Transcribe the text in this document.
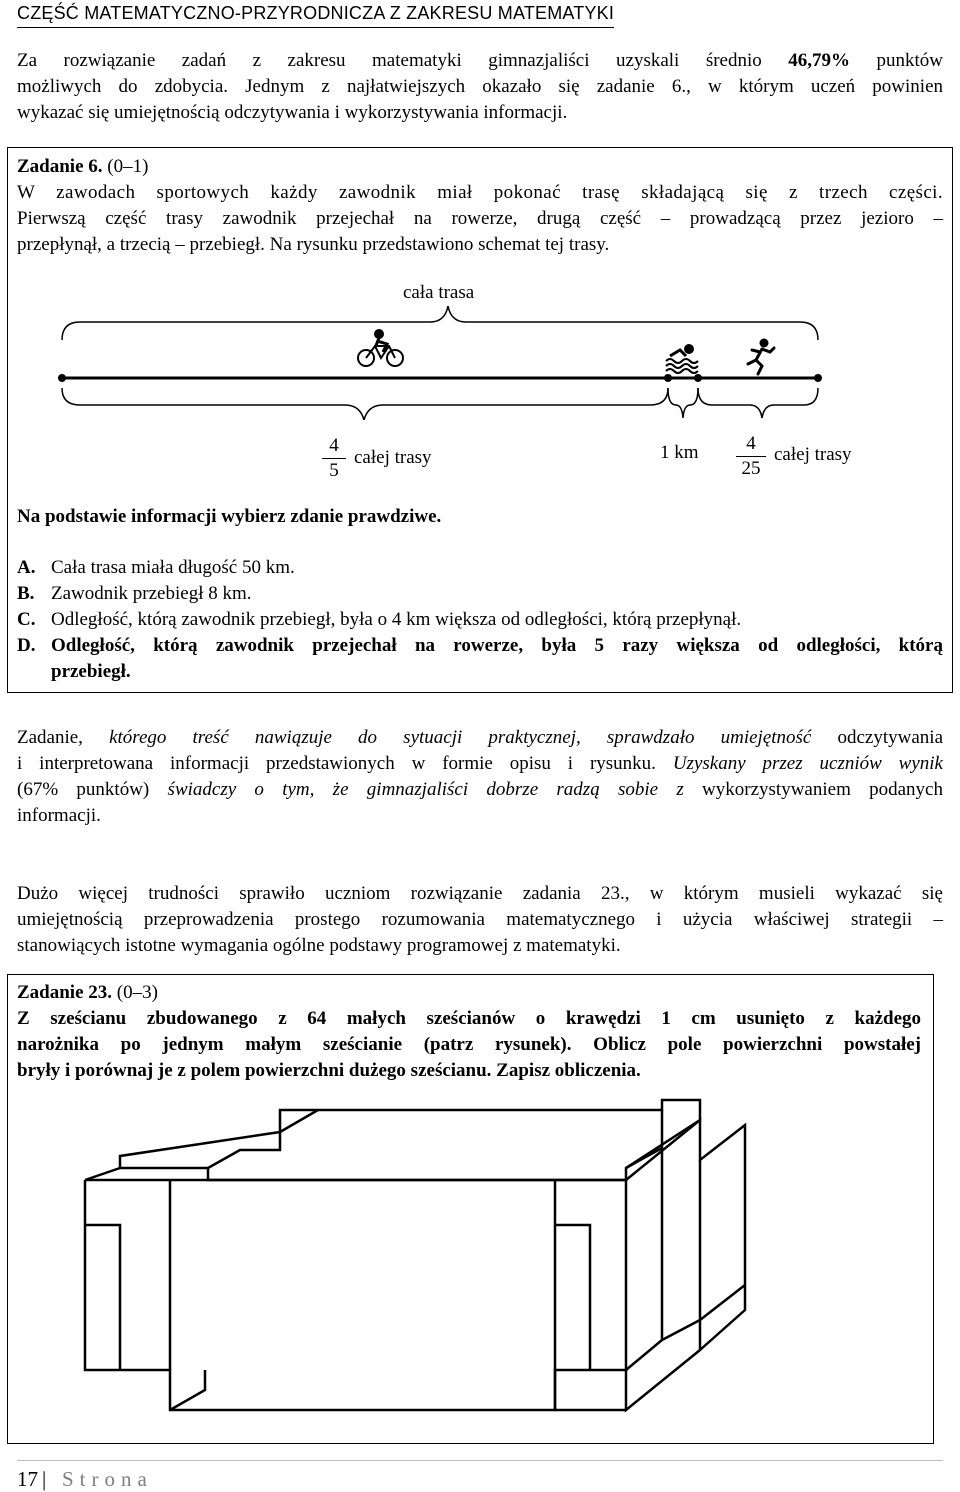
CZĘŚĆ MATEMATYCZNO-PRZYRODNICZA Z ZAKRESU MATEMATYKI
Za rozwiązanie zadań z zakresu matematyki gimnazjaliści uzyskali średnio 46,79% punktów
możliwych do zdobycia. Jednym z najłatwiejszych okazało się zadanie 6., w którym uczeń powinien
wykazać się umiejętnością odczytywania i wykorzystywania informacji.
Zadanie 6. (0–1)
W zawodach sportowych każdy zawodnik miał pokonać trasę składającą się z trzech części.
Pierwszą część trasy zawodnik przejechał na rowerze, drugą część – prowadzącą przez jezioro –
przepłynął, a trzecią – przebiegł. Na rysunku przedstawiono schemat tej trasy.
cała trasa
4
5
całej trasy	1 km	4
25
całej trasy
Na podstawie informacji wybierz zdanie prawdziwe.
A. Cała trasa miała długość 50 km.
B. Zawodnik przebiegł 8 km.
C. Odległość, którą zawodnik przebiegł, była o 4 km większa od odległości, którą przepłynął.
D. Odległość, którą zawodnik przejechał na rowerze, była 5 razy większa od odległości, którą
przebiegł.
Zadanie, którego treść nawiązuje do sytuacji praktycznej, sprawdzało umiejętność odczytywania
i interpretowana informacji przedstawionych w formie opisu i rysunku. Uzyskany przez uczniów wynik
(67% punktów) świadczy o tym, że gimnazjaliści dobrze radzą sobie z wykorzystywaniem podanych
informacji.
Dużo więcej trudności sprawiło uczniom rozwiązanie zadania 23., w którym musieli wykazać się
umiejętnością przeprowadzenia prostego rozumowania matematycznego i użycia właściwej strategii –
stanowiących istotne wymagania ogólne podstawy programowej z matematyki.
Zadanie 23. (0–3)
Z sześcianu zbudowanego z 64 małych sześcianów o krawędzi 1 cm usunięto z każdego
narożnika po jednym małym sześcianie (patrz rysunek). Oblicz pole powierzchni powstałej
bryły i porównaj je z polem powierzchni dużego sześcianu. Zapisz obliczenia.
17 | Strona
